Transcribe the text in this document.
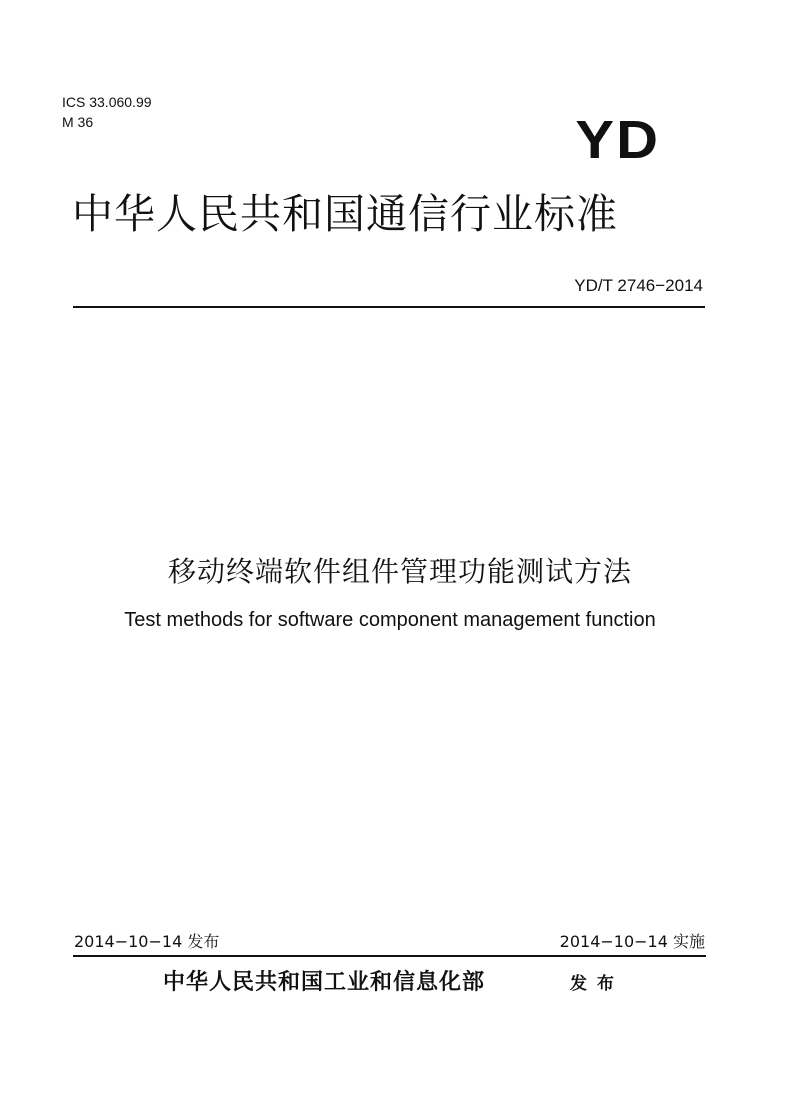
ICS 33.060.99
M 36	YD
中华人民共和国通信行业标准
YD/T 2746−2014
移动终端软件组件管理功能测试方法
Test methods for software component management function
2014−10−14 发布	2014−10−14 实施
中华人民共和国工业和信息化部	发 布
